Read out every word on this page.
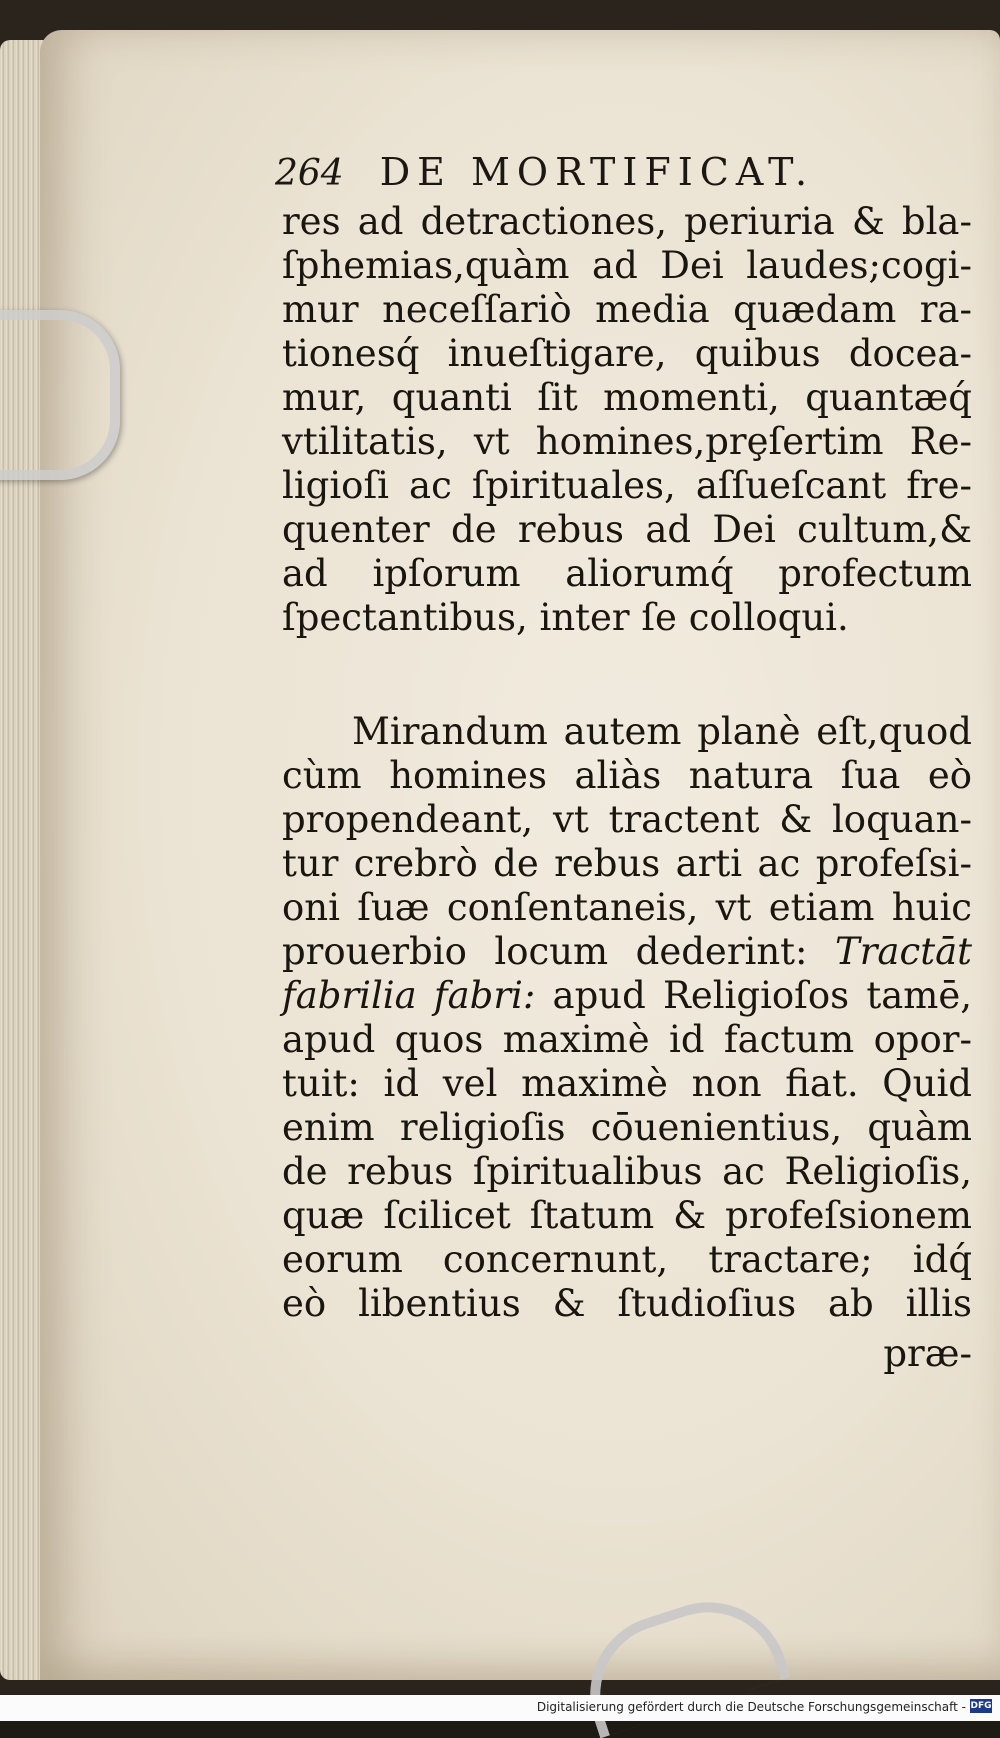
264 DE MORTIFICAT.
res ad detractiones, periuria & bla-
ſphemias,quàm ad Dei laudes;cogi-
mur neceſſariò media quædam ra-
tionesq́ inueſtigare, quibus docea-
mur, quanti ſit momenti, quantæq́
vtilitatis, vt homines,prȩſertim Re-
ligioſi ac ſpirituales, aſſueſcant fre-
quenter de rebus ad Dei cultum,&
ad ipſorum aliorumq́ profectum
ſpectantibus, inter ſe colloqui.
Mirandum autem planè eſt,quod
cùm homines aliàs natura ſua eò
propendeant, vt tractent & loquan-
tur crebrò de rebus arti ac profeſsi-
oni ſuæ conſentaneis, vt etiam huic
prouerbio locum dederint: Tractāt
fabrilia fabri: apud Religioſos tamē,
apud quos maximè id factum opor-
tuit: id vel maximè non fiat. Quid
enim religioſis cōuenientius, quàm
de rebus ſpiritualibus ac Religioſis,
quæ ſcilicet ſtatum & profeſsionem
eorum concernunt, tractare; idq́
eò libentius & ſtudioſius ab illis
præ-
Digitalisierung gefördert durch die Deutsche Forschungsgemeinschaft - DFG
